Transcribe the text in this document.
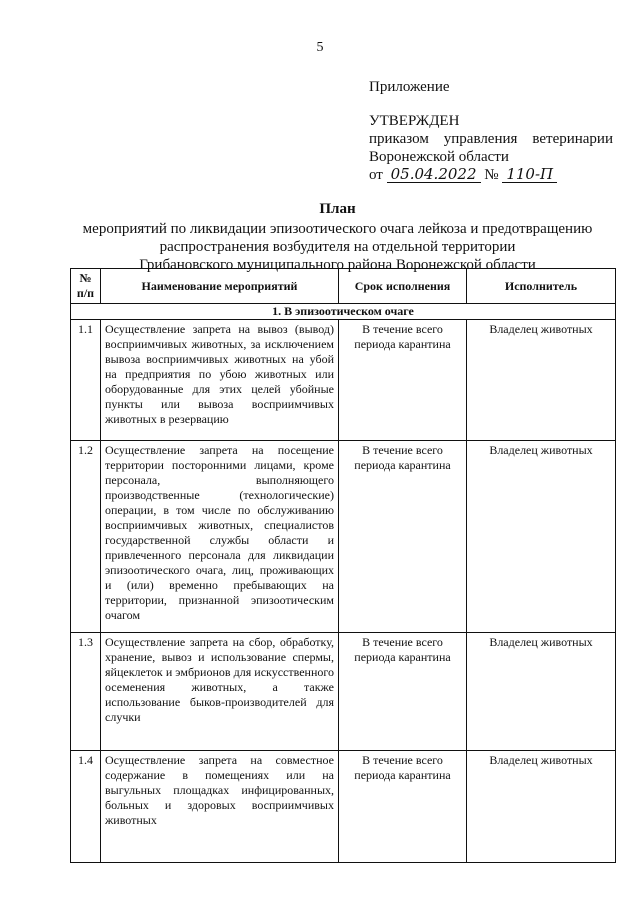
5
Приложение
УТВЕРЖДЕН
приказом управления ветеринарии
Воронежской области
от 05.04.2022 № 110-П
План
мероприятий по ликвидации эпизоотического очага лейкоза и предотвращению
распространения возбудителя на отдельной территории
Грибановского муниципального района Воронежской области
№ п/п	Наименование мероприятий	Срок исполнения	Исполнитель
1. В эпизоотическом очаге			
1.1	Осуществление запрета на вывоз (вывод) восприимчивых животных, за исключением вывоза восприимчивых животных на убой на предприятия по убою животных или оборудованные для этих целей убойные пункты или вывоза восприимчивых животных в резервацию	В течение всего периода карантина	Владелец животных
1.2	Осуществление запрета на посещение территории посторонними лицами, кроме персонала, выполняющего производственные (технологические) операции, в том числе по обслуживанию восприимчивых животных, специалистов государственной службы области и привлеченного персонала для ликвидации эпизоотического очага, лиц, проживающих и (или) временно пребывающих на территории, признанной эпизоотическим очагом	В течение всего периода карантина	Владелец животных
1.3	Осуществление запрета на сбор, обработку, хранение, вывоз и использование спермы, яйцеклеток и эмбрионов для искусственного осеменения животных, а также использование быков-производителей для случки	В течение всего периода карантина	Владелец животных
1.4	Осуществление запрета на совместное содержание в помещениях или на выгульных площадках инфицированных, больных и здоровых восприимчивых животных	В течение всего периода карантина	Владелец животных
